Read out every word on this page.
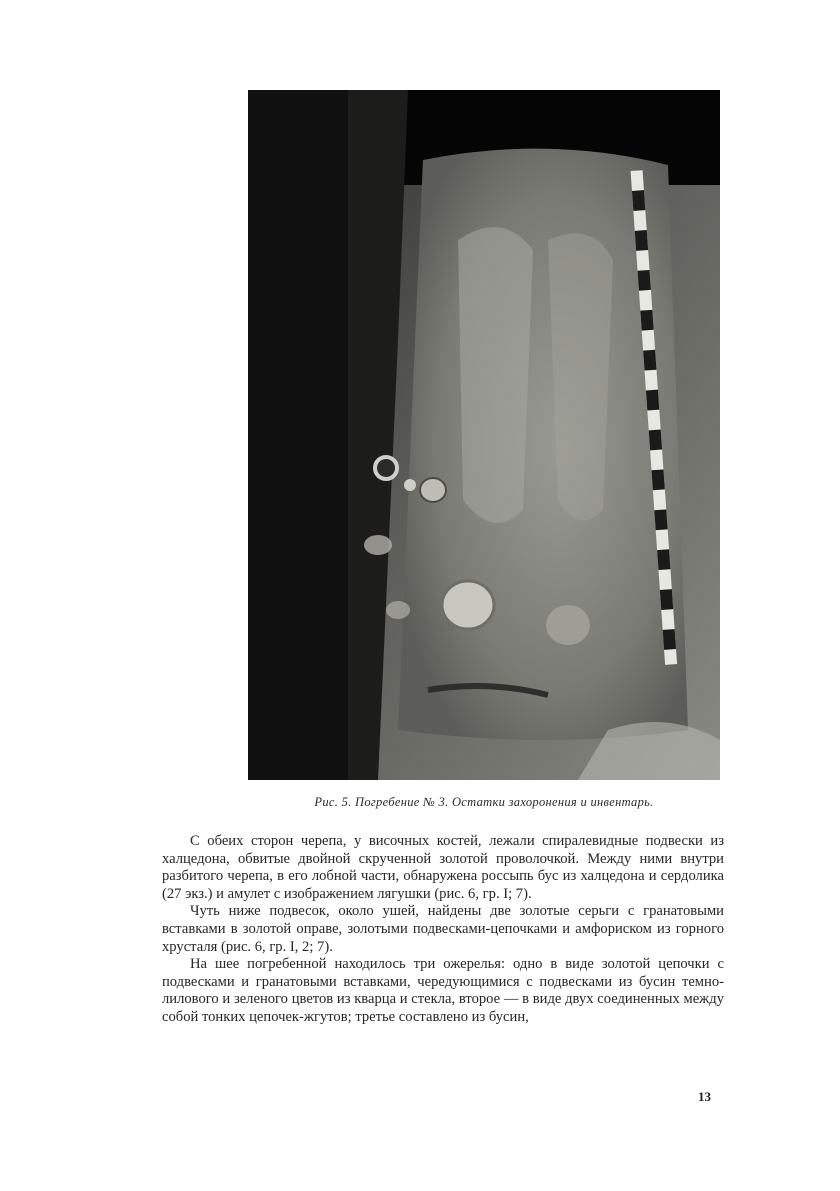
Рис. 5. Погребение № 3. Остатки захоронения и инвентарь.

С обеих сторон черепа, у височных костей, лежали спиралевидные подвески из халцедона, обвитые двойной скрученной золотой проволочкой. Между ними внутри разбитого черепа, в его лобной части, обнаружена россыпь бус из халцедона и сердолика (27 экз.) и амулет с изображением лягушки (рис. 6, гр. I; 7).

Чуть ниже подвесок, около ушей, найдены две золотые серьги с гранатовыми вставками в золотой оправе, золотыми подвесками-цепочками и амфориском из горного хрусталя (рис. 6, гр. I, 2; 7).

На шее погребенной находилось три ожерелья: одно в виде золотой цепочки с подвесками и гранатовыми вставками, чередующимися с подвесками из бусин темно-лилового и зеленого цветов из кварца и стекла, второе — в виде двух соединенных между собой тонких цепочек-жгутов; третье составлено из бусин,

13
